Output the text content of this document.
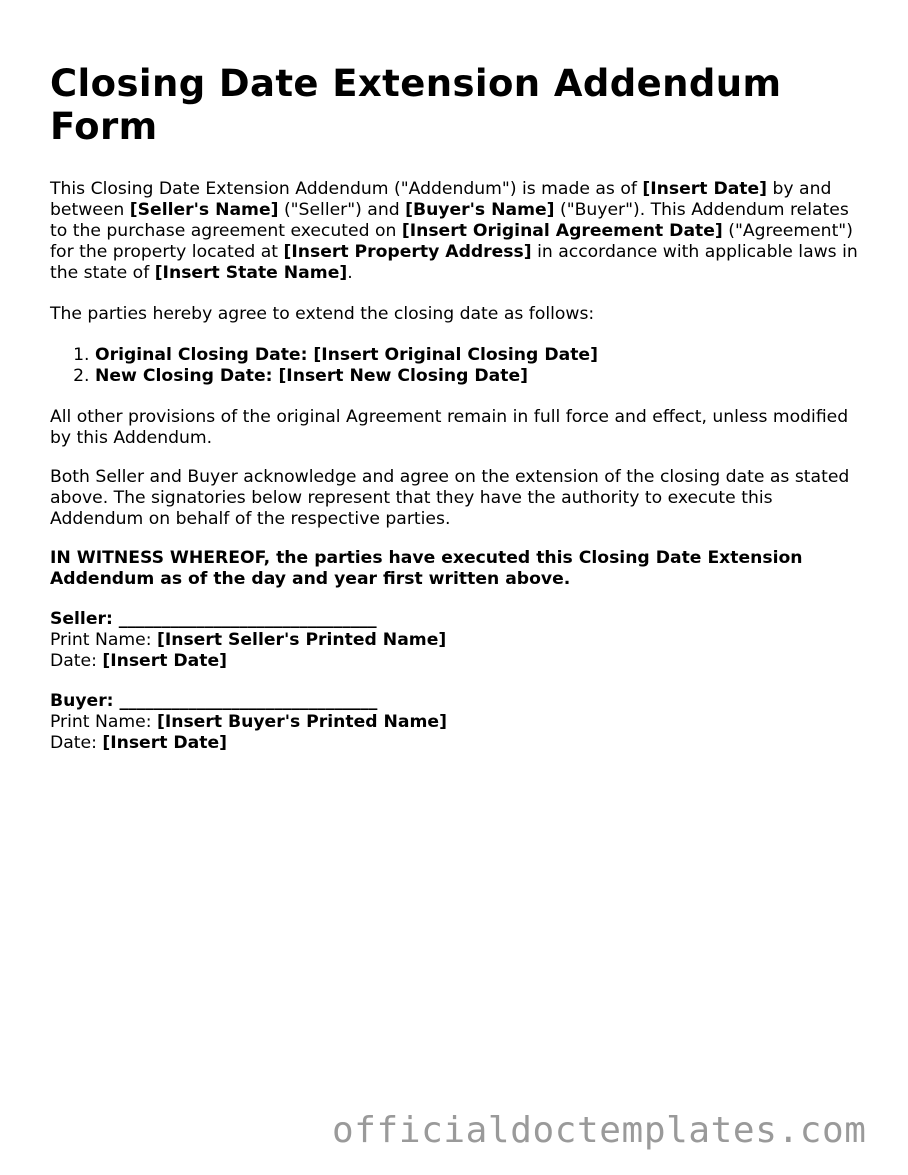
Closing Date Extension Addendum Form

This Closing Date Extension Addendum ("Addendum") is made as of [Insert Date] by and between [Seller's Name] ("Seller") and [Buyer's Name] ("Buyer"). This Addendum relates to the purchase agreement executed on [Insert Original Agreement Date] ("Agreement") for the property located at [Insert Property Address] in accordance with applicable laws in the state of [Insert State Name].

The parties hereby agree to extend the closing date as follows:

1. Original Closing Date: [Insert Original Closing Date]
2. New Closing Date: [Insert New Closing Date]

All other provisions of the original Agreement remain in full force and effect, unless modified by this Addendum.

Both Seller and Buyer acknowledge and agree on the extension of the closing date as stated above. The signatories below represent that they have the authority to execute this Addendum on behalf of the respective parties.

IN WITNESS WHEREOF, the parties have executed this Closing Date Extension Addendum as of the day and year first written above.

Seller: ______________________________
Print Name: [Insert Seller's Printed Name]
Date: [Insert Date]
Buyer: ______________________________
Print Name: [Insert Buyer's Printed Name]
Date: [Insert Date]
officialdoctemplates.com
